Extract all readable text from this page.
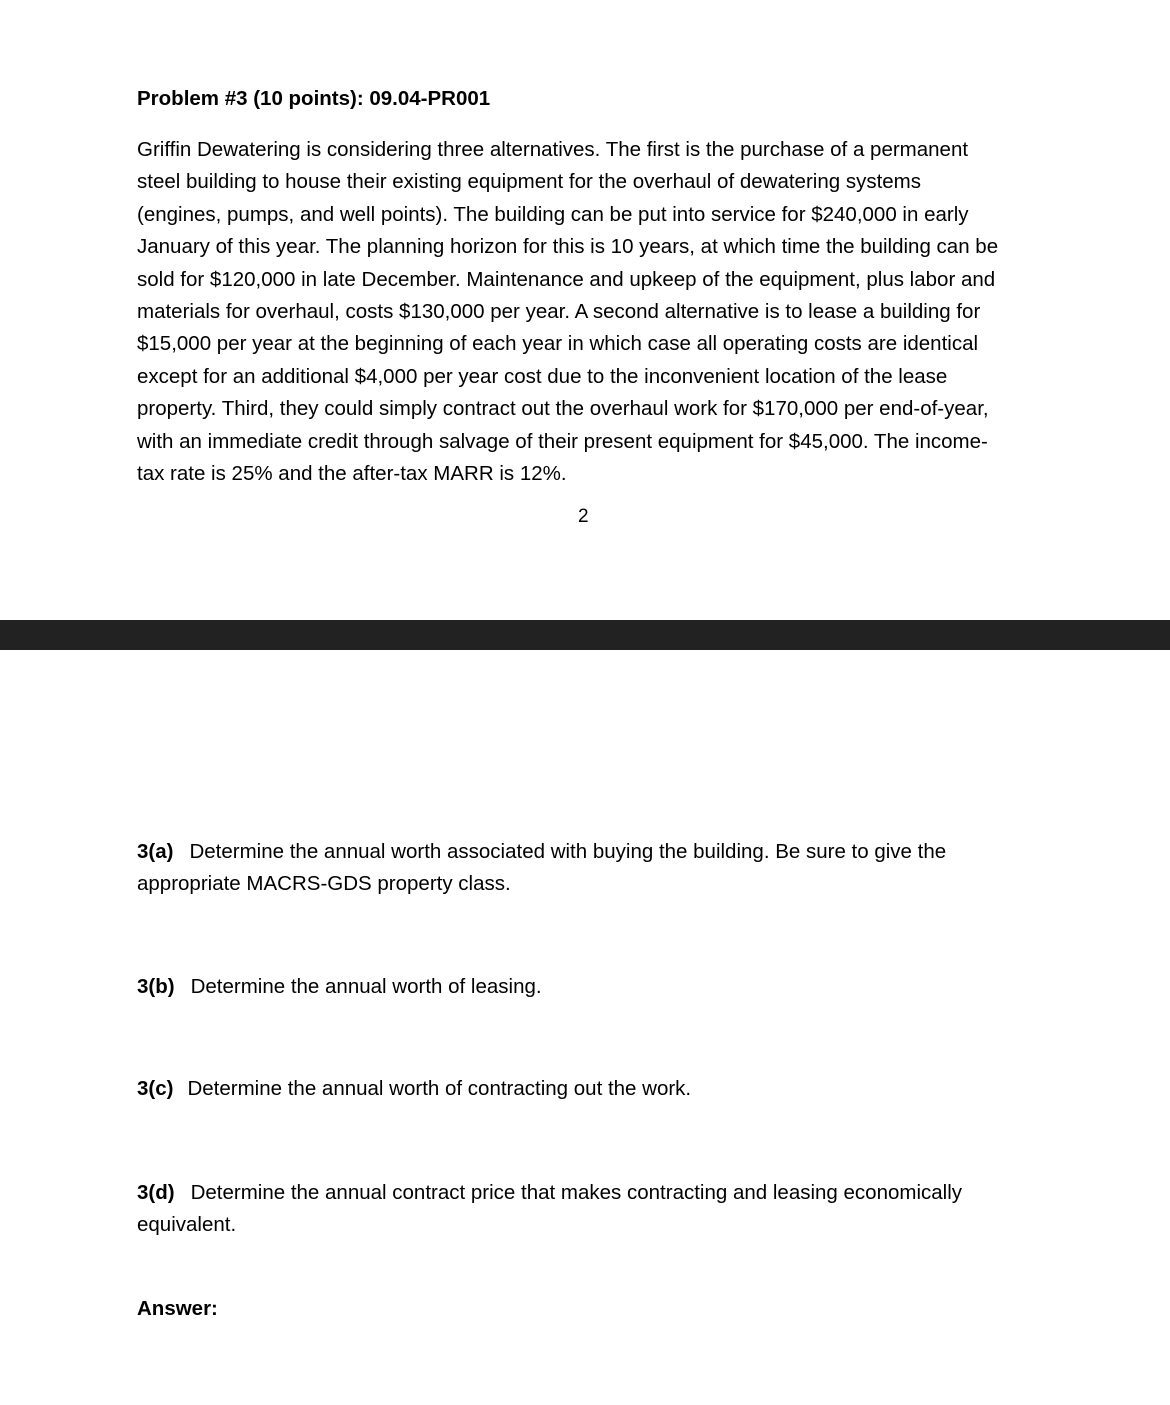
Problem #3 (10 points): 09.04-PR001
Griffin Dewatering is considering three alternatives. The first is the purchase of a permanent
steel building to house their existing equipment for the overhaul of dewatering systems
(engines, pumps, and well points). The building can be put into service for $240,000 in early
January of this year. The planning horizon for this is 10 years, at which time the building can be
sold for $120,000 in late December. Maintenance and upkeep of the equipment, plus labor and
materials for overhaul, costs $130,000 per year. A second alternative is to lease a building for
$15,000 per year at the beginning of each year in which case all operating costs are identical
except for an additional $4,000 per year cost due to the inconvenient location of the lease
property. Third, they could simply contract out the overhaul work for $170,000 per end-of-year,
with an immediate credit through salvage of their present equipment for $45,000. The income-
tax rate is 25% and the after-tax MARR is 12%.
2
3(a) Determine the annual worth associated with buying the building. Be sure to give the
appropriate MACRS-GDS property class.
3(b) Determine the annual worth of leasing.
3(c) Determine the annual worth of contracting out the work.
3(d) Determine the annual contract price that makes contracting and leasing economically
equivalent.
Answer:
